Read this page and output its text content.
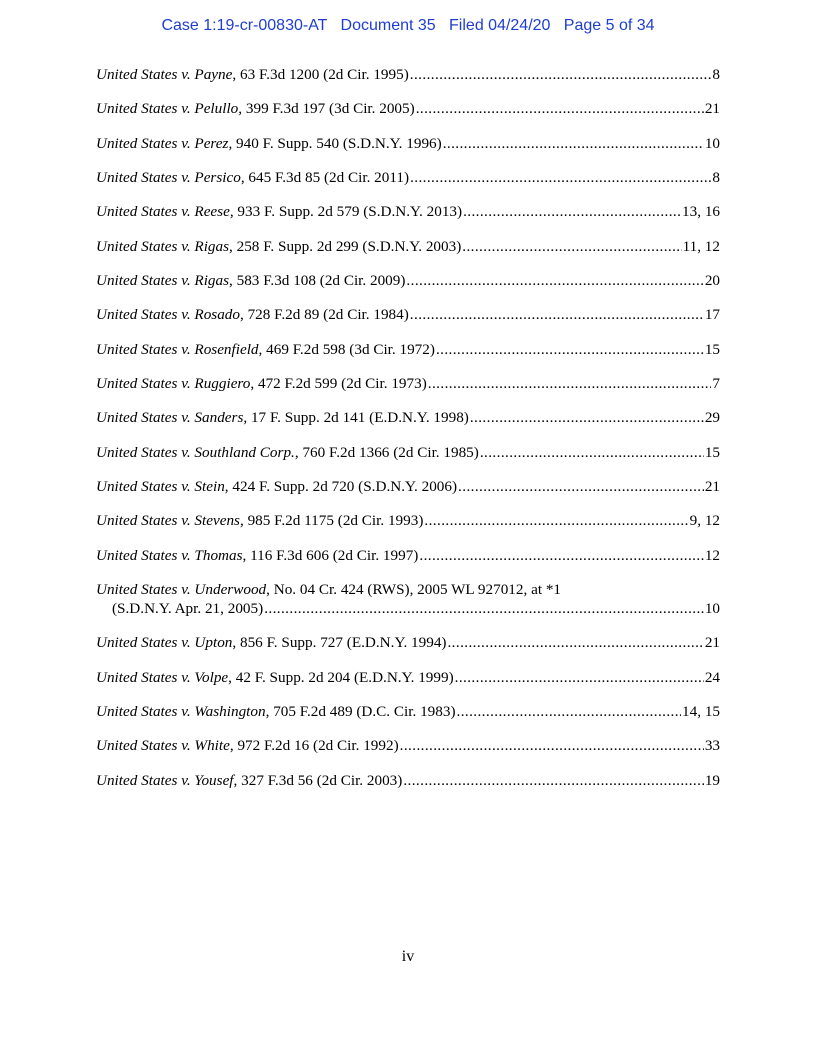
Case 1:19-cr-00830-AT Document 35 Filed 04/24/20 Page 5 of 34
United States v. Payne, 63 F.3d 1200 (2d Cir. 1995) .....	8
United States v. Pelullo, 399 F.3d 197 (3d Cir. 2005) .....	21
United States v. Perez, 940 F. Supp. 540 (S.D.N.Y. 1996) .....	10
United States v. Persico, 645 F.3d 85 (2d Cir. 2011) .....	8
United States v. Reese, 933 F. Supp. 2d 579 (S.D.N.Y. 2013) .....	13, 16
United States v. Rigas, 258 F. Supp. 2d 299 (S.D.N.Y. 2003) .....	11, 12
United States v. Rigas, 583 F.3d 108 (2d Cir. 2009) .....	20
United States v. Rosado, 728 F.2d 89 (2d Cir. 1984) .....	17
United States v. Rosenfield, 469 F.2d 598 (3d Cir. 1972) .....	15
United States v. Ruggiero, 472 F.2d 599 (2d Cir. 1973) .....	7
United States v. Sanders, 17 F. Supp. 2d 141 (E.D.N.Y. 1998) .....	29
United States v. Southland Corp., 760 F.2d 1366 (2d Cir. 1985) .....	15
United States v. Stein, 424 F. Supp. 2d 720 (S.D.N.Y. 2006) .....	21
United States v. Stevens, 985 F.2d 1175 (2d Cir. 1993) .....	9, 12
United States v. Thomas, 116 F.3d 606 (2d Cir. 1997) .....	12
United States v. Underwood, No. 04 Cr. 424 (RWS), 2005 WL 927012, at *1
(S.D.N.Y. Apr. 21, 2005) .....	10
United States v. Upton, 856 F. Supp. 727 (E.D.N.Y. 1994) .....	21
United States v. Volpe, 42 F. Supp. 2d 204 (E.D.N.Y. 1999) .....	24
United States v. Washington, 705 F.2d 489 (D.C. Cir. 1983) .....	14, 15
United States v. White, 972 F.2d 16 (2d Cir. 1992) .....	33
United States v. Yousef, 327 F.3d 56 (2d Cir. 2003) .....	19
iv
